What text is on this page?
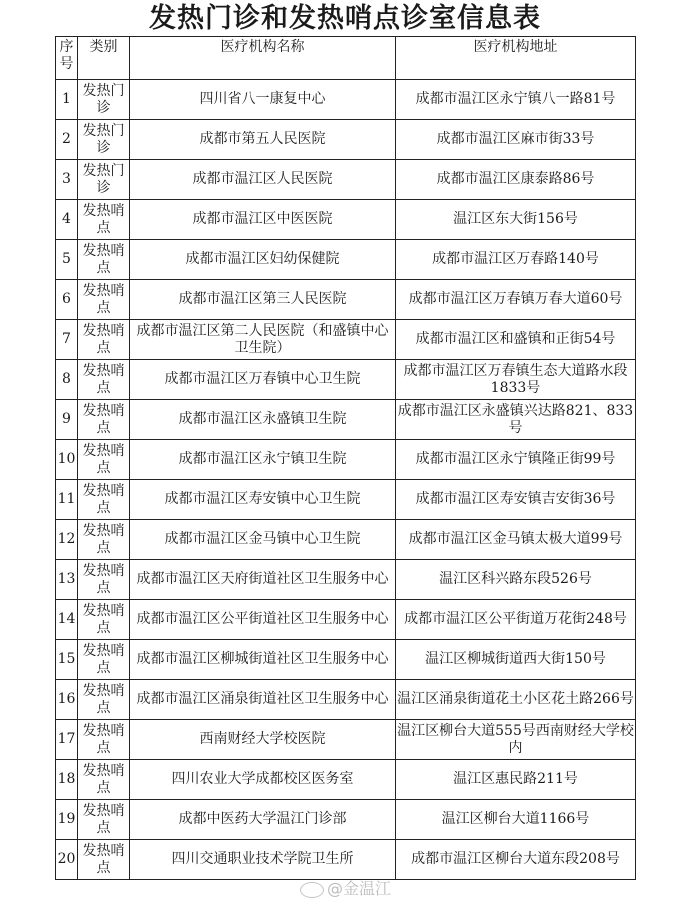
发热门诊和发热哨点诊室信息表
序号	类别	医疗机构名称	医疗机构地址
1	发热门诊	四川省八一康复中心	成都市温江区永宁镇八一路81号
2	发热门诊	成都市第五人民医院	成都市温江区麻市街33号
3	发热门诊	成都市温江区人民医院	成都市温江区康泰路86号
4	发热哨点	成都市温江区中医医院	温江区东大街156号
5	发热哨点	成都市温江区妇幼保健院	成都市温江区万春路140号
6	发热哨点	成都市温江区第三人民医院	成都市温江区万春镇万春大道60号
7	发热哨点	成都市温江区第二人民医院（和盛镇中心卫生院）	成都市温江区和盛镇和正街54号
8	发热哨点	成都市温江区万春镇中心卫生院	成都市温江区万春镇生态大道路水段1833号
9	发热哨点	成都市温江区永盛镇卫生院	成都市温江区永盛镇兴达路821、833号
10	发热哨点	成都市温江区永宁镇卫生院	成都市温江区永宁镇隆正街99号
11	发热哨点	成都市温江区寿安镇中心卫生院	成都市温江区寿安镇吉安街36号
12	发热哨点	成都市温江区金马镇中心卫生院	成都市温江区金马镇太极大道99号
13	发热哨点	成都市温江区天府街道社区卫生服务中心	温江区科兴路东段526号
14	发热哨点	成都市温江区公平街道社区卫生服务中心	成都市温江区公平街道万花街248号
15	发热哨点	成都市温江区柳城街道社区卫生服务中心	温江区柳城街道西大街150号
16	发热哨点	成都市温江区涌泉街道社区卫生服务中心	温江区涌泉街道花土小区花土路266号
17	发热哨点	西南财经大学校医院	温江区柳台大道555号西南财经大学校内
18	发热哨点	四川农业大学成都校区医务室	温江区惠民路211号
19	发热哨点	成都中医药大学温江门诊部	温江区柳台大道1166号
20	发热哨点	四川交通职业技术学院卫生所	成都市温江区柳台大道东段208号
@金温江
